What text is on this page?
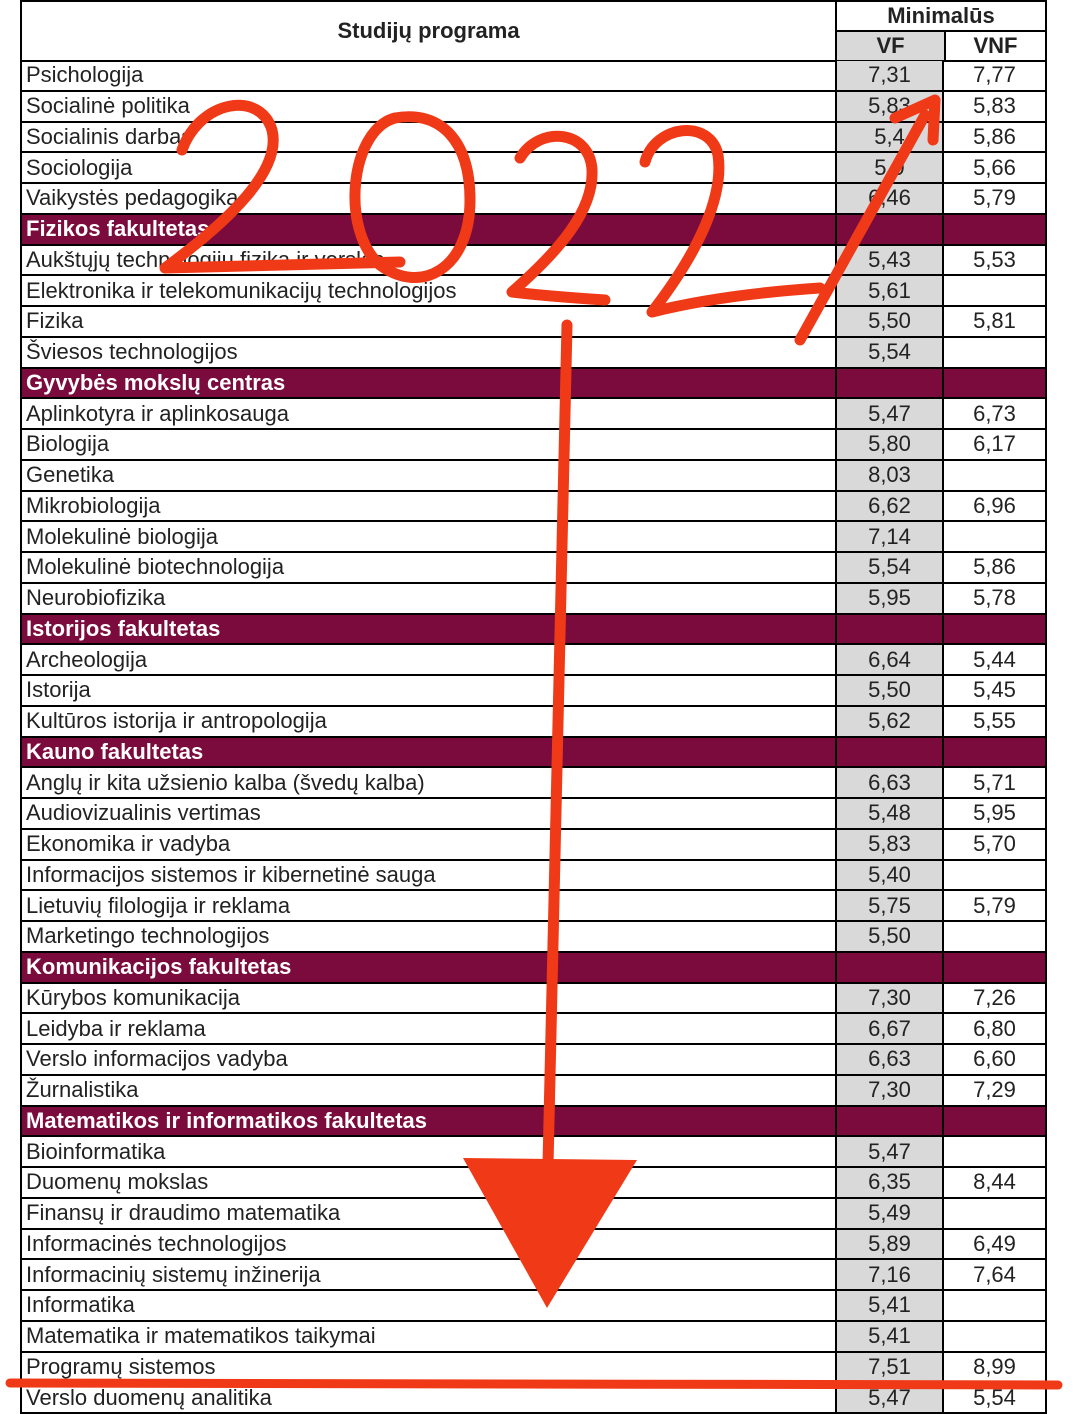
Studijų programa
Minimalūs
VF	VNF
Psichologija	7,31	7,77
Socialinė politika	5,83	5,83
Socialinis darbas	5,4	5,86
Sociologija	5,9	5,66
Vaikystės pedagogika	6,46	5,79
Fizikos fakultetas
Aukštųjų technologijų fizika ir verslas	5,43	5,53
Elektronika ir telekomunikacijų technologijos	5,61
Fizika	5,50	5,81
Šviesos technologijos	5,54
Gyvybės mokslų centras
Aplinkotyra ir aplinkosauga	5,47	6,73
Biologija	5,80	6,17
Genetika	8,03
Mikrobiologija	6,62	6,96
Molekulinė biologija	7,14
Molekulinė biotechnologija	5,54	5,86
Neurobiofizika	5,95	5,78
Istorijos fakultetas
Archeologija	6,64	5,44
Istorija	5,50	5,45
Kultūros istorija ir antropologija	5,62	5,55
Kauno fakultetas
Anglų ir kita užsienio kalba (švedų kalba)	6,63	5,71
Audiovizualinis vertimas	5,48	5,95
Ekonomika ir vadyba	5,83	5,70
Informacijos sistemos ir kibernetinė sauga	5,40
Lietuvių filologija ir reklama	5,75	5,79
Marketingo technologijos	5,50
Komunikacijos fakultetas
Kūrybos komunikacija	7,30	7,26
Leidyba ir reklama	6,67	6,80
Verslo informacijos vadyba	6,63	6,60
Žurnalistika	7,30	7,29
Matematikos ir informatikos fakultetas
Bioinformatika	5,47
Duomenų mokslas	6,35	8,44
Finansų ir draudimo matematika	5,49
Informacinės technologijos	5,89	6,49
Informacinių sistemų inžinerija	7,16	7,64
Informatika	5,41
Matematika ir matematikos taikymai	5,41
Programų sistemos	7,51	8,99
Verslo duomenų analitika	5,47	5,54
